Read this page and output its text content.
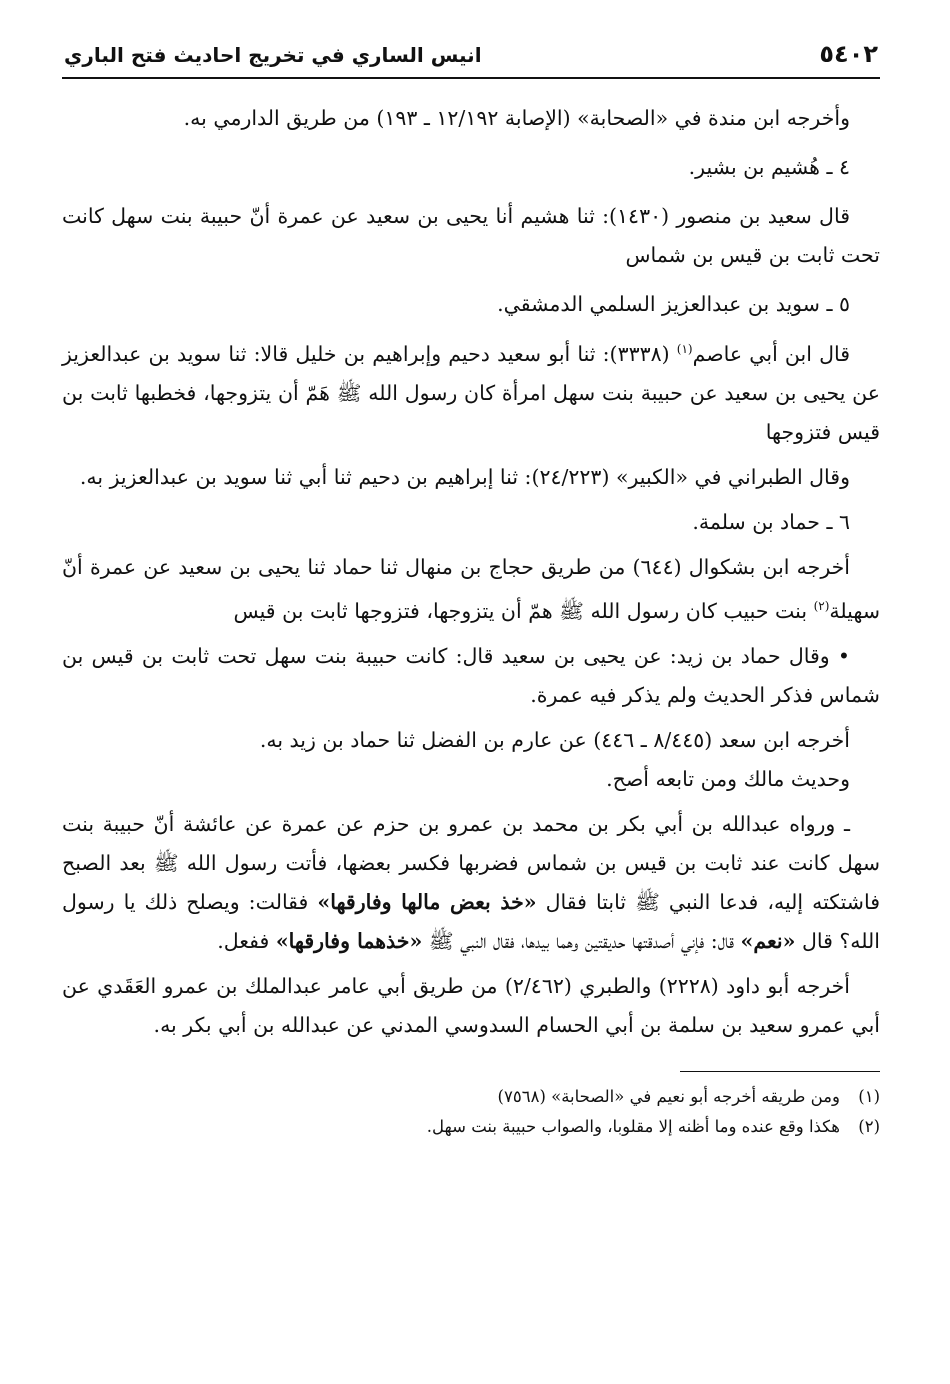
٥٤٠٢
انيس الساري في تخريج احاديث فتح الباري

وأخرجه ابن مندة في «الصحابة» (الإصابة ١٢/١٩٢ ـ ١٩٣) من طريق الدارمي به.

٤ ـ هُشيم بن بشير.

قال سعيد بن منصور (١٤٣٠): ثنا هشيم أنا يحيى بن سعيد عن عمرة أنّ حبيبة بنت سهل كانت تحت ثابت بن قيس بن شماس

٥ ـ سويد بن عبدالعزيز السلمي الدمشقي.

قال ابن أبي عاصم$^{(١)}$ (٣٣٣٨): ثنا أبو سعيد دحيم وإبراهيم بن خليل قالا: ثنا سويد بن عبدالعزيز عن يحيى بن سعيد عن حبيبة بنت سهل امرأة كان رسول الله ﷺ هَمّ أن يتزوجها، فخطبها ثابت بن قيس فتزوجها

وقال الطبراني في «الكبير» (٢٤/٢٢٣): ثنا إبراهيم بن دحيم ثنا أبي ثنا سويد بن عبدالعزيز به.

٦ ـ حماد بن سلمة.

أخرجه ابن بشكوال (٦٤٤) من طريق حجاج بن منهال ثنا حماد ثنا يحيى بن سعيد عن عمرة أنّ سهيلة$^{(٢)}$ بنت حبيب كان رسول الله ﷺ همّ أن يتزوجها، فتزوجها ثابت بن قيس

• وقال حماد بن زيد: عن يحيى بن سعيد قال: كانت حبيبة بنت سهل تحت ثابت بن قيس بن شماس فذكر الحديث ولم يذكر فيه عمرة.

أخرجه ابن سعد (٨/٤٤٥ ـ ٤٤٦) عن عارم بن الفضل ثنا حماد بن زيد به.

وحديث مالك ومن تابعه أصح.

ـ ورواه عبدالله بن أبي بكر بن محمد بن عمرو بن حزم عن عمرة عن عائشة أنّ حبيبة بنت سهل كانت عند ثابت بن قيس بن شماس فضربها فكسر بعضها، فأتت رسول الله ﷺ بعد الصبح فاشتكته إليه، فدعا النبي ﷺ ثابتا فقال «خذ بعض مالها وفارقها» فقالت: ويصلح ذلك يا رسول الله؟ قال «نعم» قال: فإني أصدقتها حديقتين وهما بيدها، فقال النبي ﷺ «خذهما وفارقها» ففعل.

أخرجه أبو داود (٢٢٢٨) والطبري (٢/٤٦٢) من طريق أبي عامر عبدالملك بن عمرو العَقَدي عن أبي عمرو سعيد بن سلمة بن أبي الحسام السدوسي المدني عن عبدالله بن أبي بكر به.

(١)ومن طريقه أخرجه أبو نعيم في «الصحابة» (٧٥٦٨)

(٢)هكذا وقع عنده وما أظنه إلا مقلوبا، والصواب حبيبة بنت سهل.
